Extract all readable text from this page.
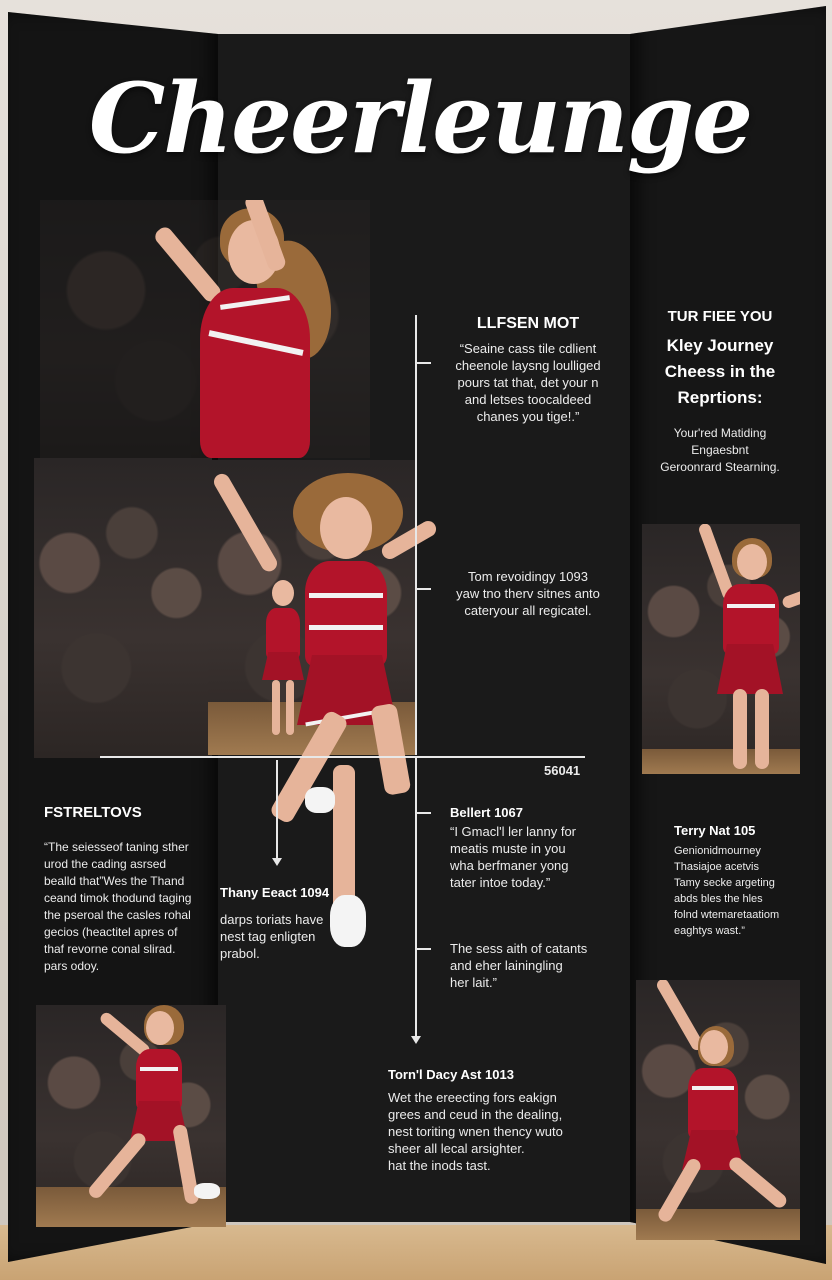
Cheerleunge
LLFSEN MOT
“Seaine cass tile cdlient
cheenole laysng loulliged
pours tat that, det your n
and letses toocaldeed
chanes you tige!.”
Tom revoidingy 1093
yaw tno therv sitnes anto
cateryour all regicatel.
56041
TUR FIEE YOU
Kley Journey
Cheess in the
Reprtions:
Your'red Matiding
Engaesbnt
Geroonrard Stearning.
FSTRELTOVS
“The seiesseof taning sther
urod the cading asrsed
bealld that”Wes the Thand
ceand timok thodund taging
the pseroal the casles rohal
gecios (heactitel apres of
thaf revorne conal slirad.
pars odoy.
Thany Eeact 1094
darps toriats have
nest tag enligten
prabol.
Bellert 1067
“I Gmacl'l ler lanny for
meatis muste in you
wha berfmaner yong
tater intoe today.”
The sess aith of catants
and eher lainingling
her lait.”
Terry Nat 105
Genionidmourney
Thasiajoe acetvis
Tamy secke argeting
abds bles the hles
folnd wtemaretaatiom
eaghtys wast.”
Torn'l Dacy Ast 1013
Wet the ereecting fors eakign
grees and ceud in the dealing,
nest toriting wnen thency wuto
sheer all lecal arsighter.
hat the inods tast.
